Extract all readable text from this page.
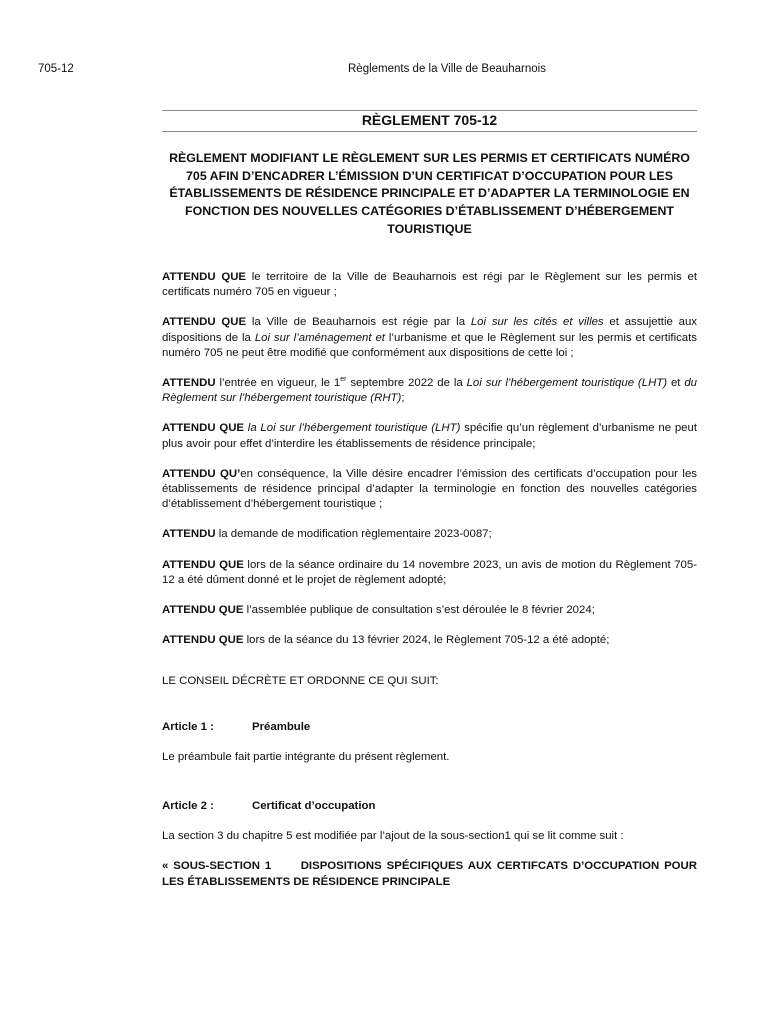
705-12	Règlements de la Ville de Beauharnois
RÈGLEMENT 705-12
RÈGLEMENT MODIFIANT LE RÈGLEMENT SUR LES PERMIS ET CERTIFICATS NUMÉRO 705 AFIN D’ENCADRER L’ÉMISSION D’UN CERTIFICAT D’OCCUPATION POUR LES ÉTABLISSEMENTS DE RÉSIDENCE PRINCIPALE ET D’ADAPTER LA TERMINOLOGIE EN FONCTION DES NOUVELLES CATÉGORIES D’ÉTABLISSEMENT D’HÉBERGEMENT TOURISTIQUE

ATTENDU QUE le territoire de la Ville de Beauharnois est régi par le Règlement sur les permis et certificats numéro 705 en vigueur ;

ATTENDU QUE la Ville de Beauharnois est régie par la Loi sur les cités et villes et assujettie aux dispositions de la Loi sur l’aménagement et l’urbanisme et que le Règlement sur les permis et certificats numéro 705 ne peut être modifié que conformément aux dispositions de cette loi ;

ATTENDU l’entrée en vigueur, le 1er septembre 2022 de la Loi sur l’hébergement touristique (LHT) et du Règlement sur l’hébergement touristique (RHT);

ATTENDU QUE la Loi sur l’hébergement touristique (LHT) spécifie qu’un règlement d’urbanisme ne peut plus avoir pour effet d’interdire les établissements de résidence principale;

ATTENDU QU’en conséquence, la Ville désire encadrer l’émission des certificats d’occupation pour les établissements de résidence principal d’adapter la terminologie en fonction des nouvelles catégories d’établissement d’hébergement touristique ;

ATTENDU la demande de modification règlementaire 2023-0087;

ATTENDU QUE lors de la séance ordinaire du 14 novembre 2023, un avis de motion du Règlement 705-12 a été dûment donné et le projet de règlement adopté;

ATTENDU QUE l’assemblée publique de consultation s’est déroulée le 8 février 2024;

ATTENDU QUE lors de la séance du 13 février 2024, le Règlement 705-12 a été adopté;

LE CONSEIL DÉCRÈTE ET ORDONNE CE QUI SUIT:
Article 1 :	Préambule
Le préambule fait partie intégrante du présent règlement.
Article 2 :	Certificat d’occupation
La section 3 du chapitre 5 est modifiée par l’ajout de la sous-section1 qui se lit comme suit :
« SOUS-SECTION 1      DISPOSITIONS SPÉCIFIQUES AUX CERTIFCATS D’OCCUPATION POUR LES ÉTABLISSEMENTS DE RÉSIDENCE PRINCIPALE
